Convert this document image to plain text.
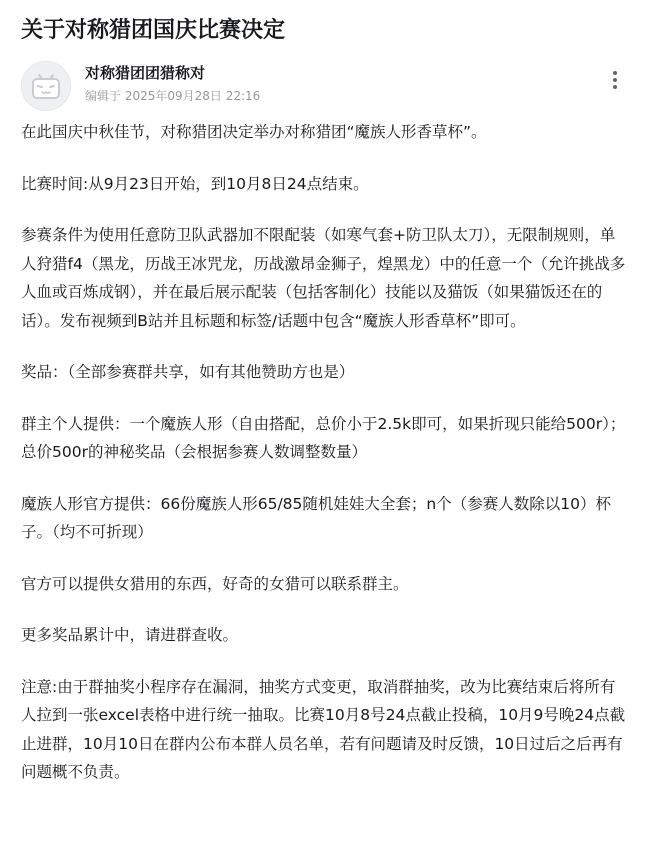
关于对称猎团国庆比赛决定
对称猎团团猎称对
编辑于 2025年09月28日 22:16

在此国庆中秋佳节，对称猎团决定举办对称猎团“魔族人形香草杯”。

比赛时间:从9月23日开始，到10月8日24点结束。

参赛条件为使用任意防卫队武器加不限配装（如寒气套+防卫队太刀），无限制规则，单人狩猎f4（黑龙，历战王冰咒龙，历战激昂金狮子，煌黑龙）中的任意一个（允许挑战多人血或百炼成钢），并在最后展示配装（包括客制化）技能以及猫饭（如果猫饭还在的话）。发布视频到B站并且标题和标签/话题中包含“魔族人形香草杯”即可。

奖品：（全部参赛群共享，如有其他赞助方也是）

群主个人提供：一个魔族人形（自由搭配，总价小于2.5k即可，如果折现只能给500r）；总价500r的神秘奖品（会根据参赛人数调整数量）

魔族人形官方提供：66份魔族人形65/85随机娃娃大全套；n个（参赛人数除以10）杯子。（均不可折现）

官方可以提供女猎用的东西，好奇的女猎可以联系群主。

更多奖品累计中，请进群查收。

注意:由于群抽奖小程序存在漏洞，抽奖方式变更，取消群抽奖，改为比赛结束后将所有人拉到一张excel表格中进行统一抽取。比赛10月8号24点截止投稿，10月9号晚24点截止进群，10月10日在群内公布本群人员名单，若有问题请及时反馈，10日过后之后再有问题概不负责。
